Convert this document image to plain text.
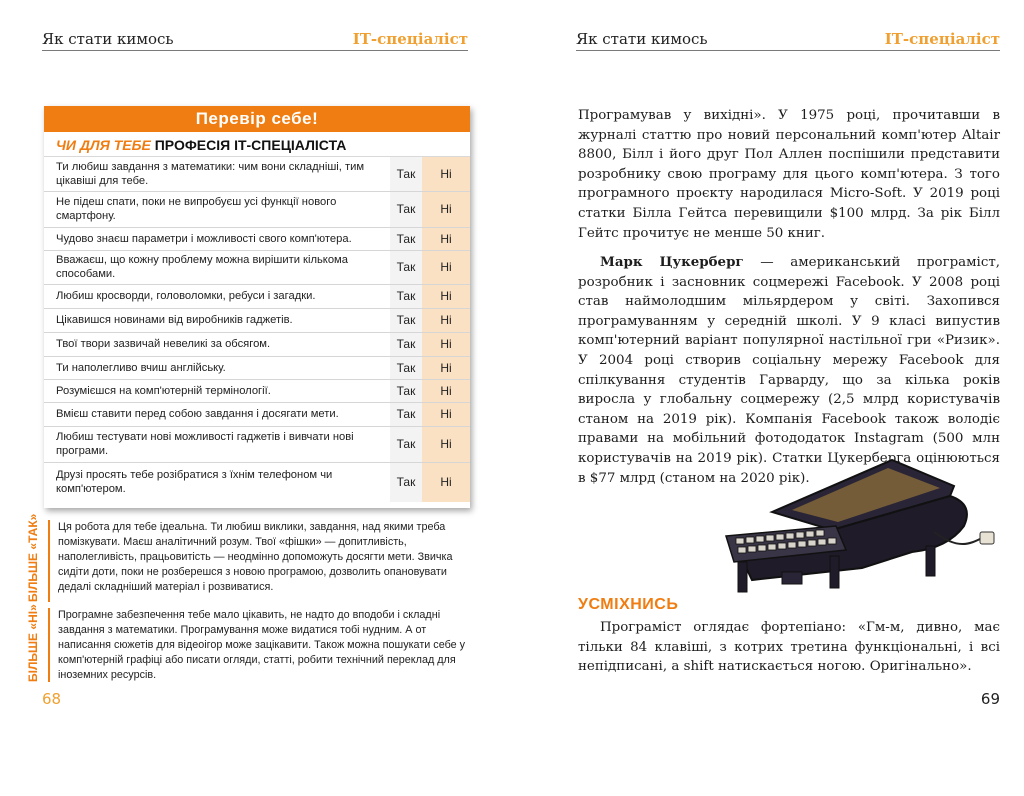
Як стати кимось	ІТ-спеціаліст
Перевір себе!
ЧИ ДЛЯ ТЕБЕ ПРОФЕСІЯ ІТ-СПЕЦІАЛІСТА
Ти любиш завдання з математики: чим вони складніші, тим цікавіші для тебе.	Так	Ні
Не підеш спати, поки не випробуєш усі функції нового смартфону.	Так	Ні
Чудово знаєш параметри і можливості свого комп'ютера.	Так	Ні
Вважаєш, що кожну проблему можна вирішити кількома способами.	Так	Ні
Любиш кросворди, головоломки, ребуси і загадки.	Так	Ні
Цікавишся новинами від виробників гаджетів.	Так	Ні
Твої твори зазвичай невеликі за обсягом.	Так	Ні
Ти наполегливо вчиш англійську.	Так	Ні
Розумієшся на комп'ютерній термінології.	Так	Ні
Вмієш ставити перед собою завдання і досягати мети.	Так	Ні
Любиш тестувати нові можливості гаджетів і вивчати нові програми.	Так	Ні
Друзі просять тебе розібратися з їхнім телефоном чи комп'ютером.	Так	Ні
БІЛЬШЕ «ТАК»	Ця робота для тебе ідеальна. Ти любиш виклики, завдання, над якими треба помізкувати. Маєш аналітичний розум. Твої «фішки» — допитливість, наполегливість, працьовитість — неодмінно допоможуть досягти мети. Звичка сидіти доти, поки не розберешся з новою програмою, дозволить опановувати дедалі складніший матеріал і розвиватися.
БІЛЬШЕ «НІ»	Програмне забезпечення тебе мало цікавить, не надто до вподоби і складні завдання з математики. Програмування може видатися тобі нудним. А от написання сюжетів для відеоігор може зацікавити. Також можна пошукати себе у комп'ютерній графіці або писати огляди, статті, робити технічний переклад для іноземних ресурсів.
68
Як стати кимось	ІТ-спеціаліст
Програмував у вихідні». У 1975 році, прочитавши в журналі статтю про новий персональний комп'ютер Altair 8800, Білл і його друг Пол Аллен поспішили представити розробнику свою програму для цього комп'ютера. З того програмного проєкту народилася Micro-Soft. У 2019 році статки Білла Гейтса перевищили $100 млрд. За рік Білл Гейтс прочитує не менше 50 книг.
Марк Цукерберг — американський програміст, розробник і засновник соцмережі Facebook. У 2008 році став наймолодшим мільярдером у світі. Захопився програмуванням у середній школі. У 9 класі випустив комп'ютерний варіант популярної настільної гри «Ризик». У 2004 році створив соціальну мережу Facebook для спілкування студентів Гарварду, що за кілька років виросла у глобальну соцмережу (2,5 млрд користувачів станом на 2019 рік). Компанія Facebook також володіє правами на мобільний фотододаток Instagram (500 млн користувачів на 2019 рік). Статки Цукерберга оцінюються в $77 млрд (станом на 2020 рік).
УСМІХНИСЬ
Програміст оглядає фортепіано: «Гм-м, дивно, має тільки 84 клавіші, з котрих третина функціональні, і всі непідписані, а shift натискається ногою. Оригінально».
69
